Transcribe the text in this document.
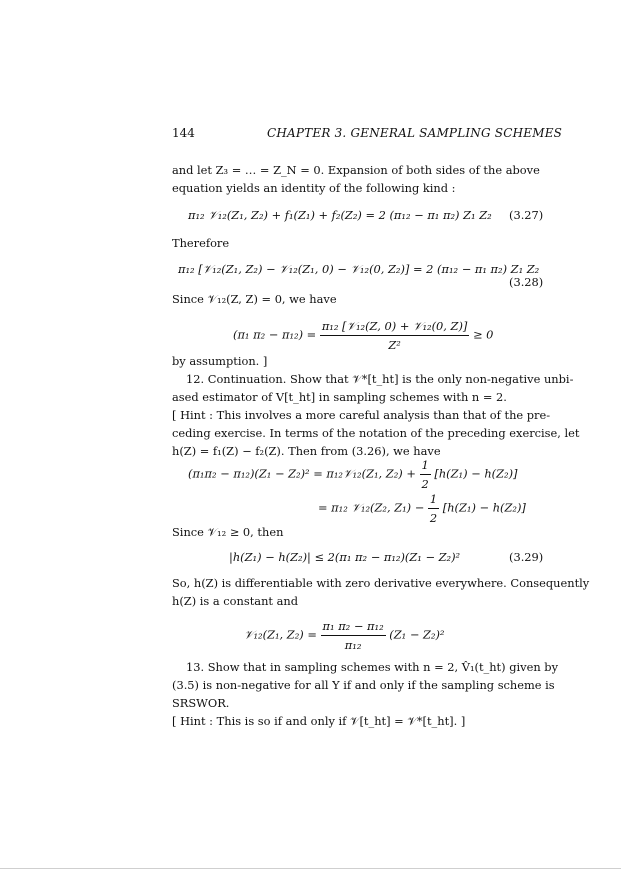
144	CHAPTER 3. GENERAL SAMPLING SCHEMES
and let Z₃ = … = Z_N = 0. Expansion of both sides of the above
equation yields an identity of the following kind :
π₁₂ 𝒱₁₂(Z₁, Z₂) + f₁(Z₁) + f₂(Z₂) = 2 (π₁₂ − π₁ π₂) Z₁ Z₂ (3.27)
Therefore
π₁₂ [𝒱₁₂(Z₁, Z₂) − 𝒱₁₂(Z₁, 0) − 𝒱₁₂(0, Z₂)] = 2 (π₁₂ − π₁ π₂) Z₁ Z₂
(3.28)
Since 𝒱₁₂(Z, Z) = 0, we have
(π₁ $\pi_2 - \pi_{12}) = \frac{\text{π₁₂ [𝒱₁₂(Z, 0) + 𝒱₁₂(0, Z)]}}{\text{Z²}} \ge 0$
by assumption. ]
12. Continuation. Show that 𝒱*[t_ht] is the only non-negative unbi-
ased estimator of V[t_ht] in sampling schemes with n = 2.
[ Hint : This involves a more careful analysis than that of the pre-
ceding exercise. In terms of the notation of the preceding exercise, let
h(Z) = f₁(Z) − f₂(Z). Then from (3.26), we have
(π₁π₂ − π₁₂)(Z₁ − Z₂)² = π₁₂𝒱₁₂(Z₁, $Z_2) + \frac{1}{2} [h(Z_1) - h(Z_2)]$
= π₁₂ 𝒱₁₂(Z₂, $Z_1) - \frac{1}{2} [h(Z_1) - h(Z_2)]$
Since 𝒱₁₂ ≥ 0, then
|h(Z₁) − h(Z₂)| ≤ 2(π₁ π₂ − π₁₂)(Z₁ − Z₂)²	(3.29)
So, h(Z) is differentiable with zero derivative everywhere. Consequently
h(Z) is a constant and
𝒱₁₂(Z₁, $Z_2) = \frac{\text{π₁ π₂ − π₁₂}}{\text{π₁₂}} (Z_1 - Z_2)^2$
13. Show that in sampling schemes with n = 2, V̂₁(t_ht) given by
(3.5) is non-negative for all Y if and only if the sampling scheme is
SRSWOR.
[ Hint : This is so if and only if 𝒱[t_ht] = 𝒱*[t_ht]. ]
